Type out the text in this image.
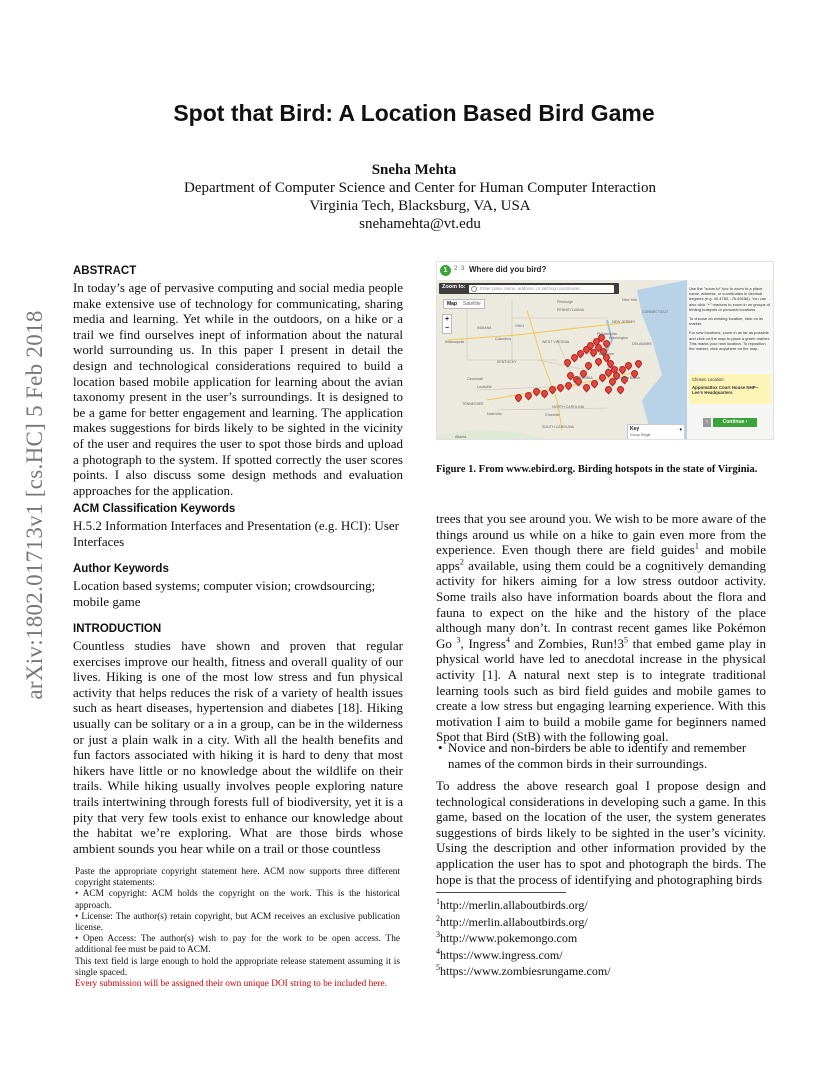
arXiv:1802.01713v1 [cs.HC] 5 Feb 2018
Spot that Bird: A Location Based Bird Game
Sneha Mehta
Department of Computer Science and Center for Human Computer Interaction
Virginia Tech, Blacksburg, VA, USA
snehamehta@vt.edu
ABSTRACT
In today’s age of pervasive computing and social media people make extensive use of technology for communicating, sharing media and learning. Yet while in the outdoors, on a hike or a trail we find ourselves inept of information about the natural world surrounding us. In this paper I present in detail the design and technological considerations required to build a location based mobile application for learning about the avian taxonomy present in the user’s surroundings. It is designed to be a game for better engagement and learning. The application makes suggestions for birds likely to be sighted in the vicinity of the user and requires the user to spot those birds and upload a photograph to the system. If spotted correctly the user scores points. I also discuss some design methods and evaluation approaches for the application.
ACM Classification Keywords
H.5.2 Information Interfaces and Presentation (e.g. HCI): User Interfaces
Author Keywords
Location based systems; computer vision; crowdsourcing; mobile game
INTRODUCTION
Countless studies have shown and proven that regular exercises improve our health, fitness and overall quality of our lives. Hiking is one of the most low stress and fun physical activity that helps reduces the risk of a variety of health issues such as heart diseases, hypertension and diabetes [18]. Hiking usually can be solitary or a in a group, can be in the wilderness or just a plain walk in a city. With all the health benefits and fun factors associated with hiking it is hard to deny that most hikers have little or no knowledge about the wildlife on their trails. While hiking usually involves people exploring nature trails intertwining through forests full of biodiversity, yet it is a pity that very few tools exist to enhance our knowledge about the habitat we’re exploring. What are those birds whose ambient sounds you hear while on a trail or those countless
Paste the appropriate copyright statement here. ACM now supports three different copyright statements:
• ACM copyright: ACM holds the copyright on the work. This is the historical approach.
• License: The author(s) retain copyright, but ACM receives an exclusive publication license.
• Open Access: The author(s) wish to pay for the work to be open access. The additional fee must be paid to ACM.
This text field is large enough to hold the appropriate release statement assuming it is single spaced.
Every submission will be assigned their own unique DOI string to be included here.
1	2 3 Where did you bird?
INDIANA	OHIO
PENNSYLVANIA
NEW JERSEY
CONNECTICUT
DELAWARE
WEST VIRGINIA
KENTUCKY
TENNESSEE
NORTH CAROLINA
SOUTH CAROLINA
Pittsburgh
Philadelphia
New York
Columbus
Cincinnati
Louisville
Nashville	Charlotte
Virginia Beach
Atlanta
Indianapolis
Washington
Baltimore
VIRGINIA
Zoom to:	Enter place name, address, or lat/long coordinates
Map	Satellite
+
−
Key
Group Single
▾
Use the "zoom to" box to zoom to a place name, address, or coordinates in decimal degrees (e.g. 40.4780, -76.65186). You can also click "+" markers to zoom in on groups of birding hotspots or personal locations.
To choose an existing location, click on its marker.
For new locations, zoom in as far as possible and click on the map to place a green marker. This marks your new location. To reposition the marker, click anywhere on the map.
Chosen Location:
Appomattox Court House NHP--Lee's Headquarters
‹	Continue ›
Figure 1. From www.ebird.org. Birding hotspots in the state of Virginia.
trees that you see around you. We wish to be more aware of the things around us while on a hike to gain even more from the experience. Even though there are field guides$^1$ and mobile apps$^2$ available, using them could be a cognitively demanding activity for hikers aiming for a low stress outdoor activity. Some trails also have information boards about the flora and fauna to expect on the hike and the history of the place although many don’t. In contrast recent games like Pokémon Go $^3$, Ingress$^4$ and Zombies, $Run!3^5$ that embed game play in physical world have led to anecdotal increase in the physical activity [1]. A natural next step is to integrate traditional learning tools such as bird field guides and mobile games to create a low stress but engaging learning experience. With this motivation I aim to build a mobile game for beginners named Spot that Bird (StB) with the following goal.
• Novice and non-birders be able to identify and remember names of the common birds in their surroundings.
To address the above research goal I propose design and technological considerations in developing such a game. In this game, based on the location of the user, the system generates suggestions of birds likely to be sighted in the user’s vicinity. Using the description and other information provided by the application the user has to spot and photograph the birds. The hope is that the process of identifying and photographing birds
$^1$http://merlin.allaboutbirds.org/
$^2$http://merlin.allaboutbirds.org/
$^3$http://www.pokemongo.com
$^4$https://www.ingress.com/
$^5$https://www.zombiesrungame.com/
